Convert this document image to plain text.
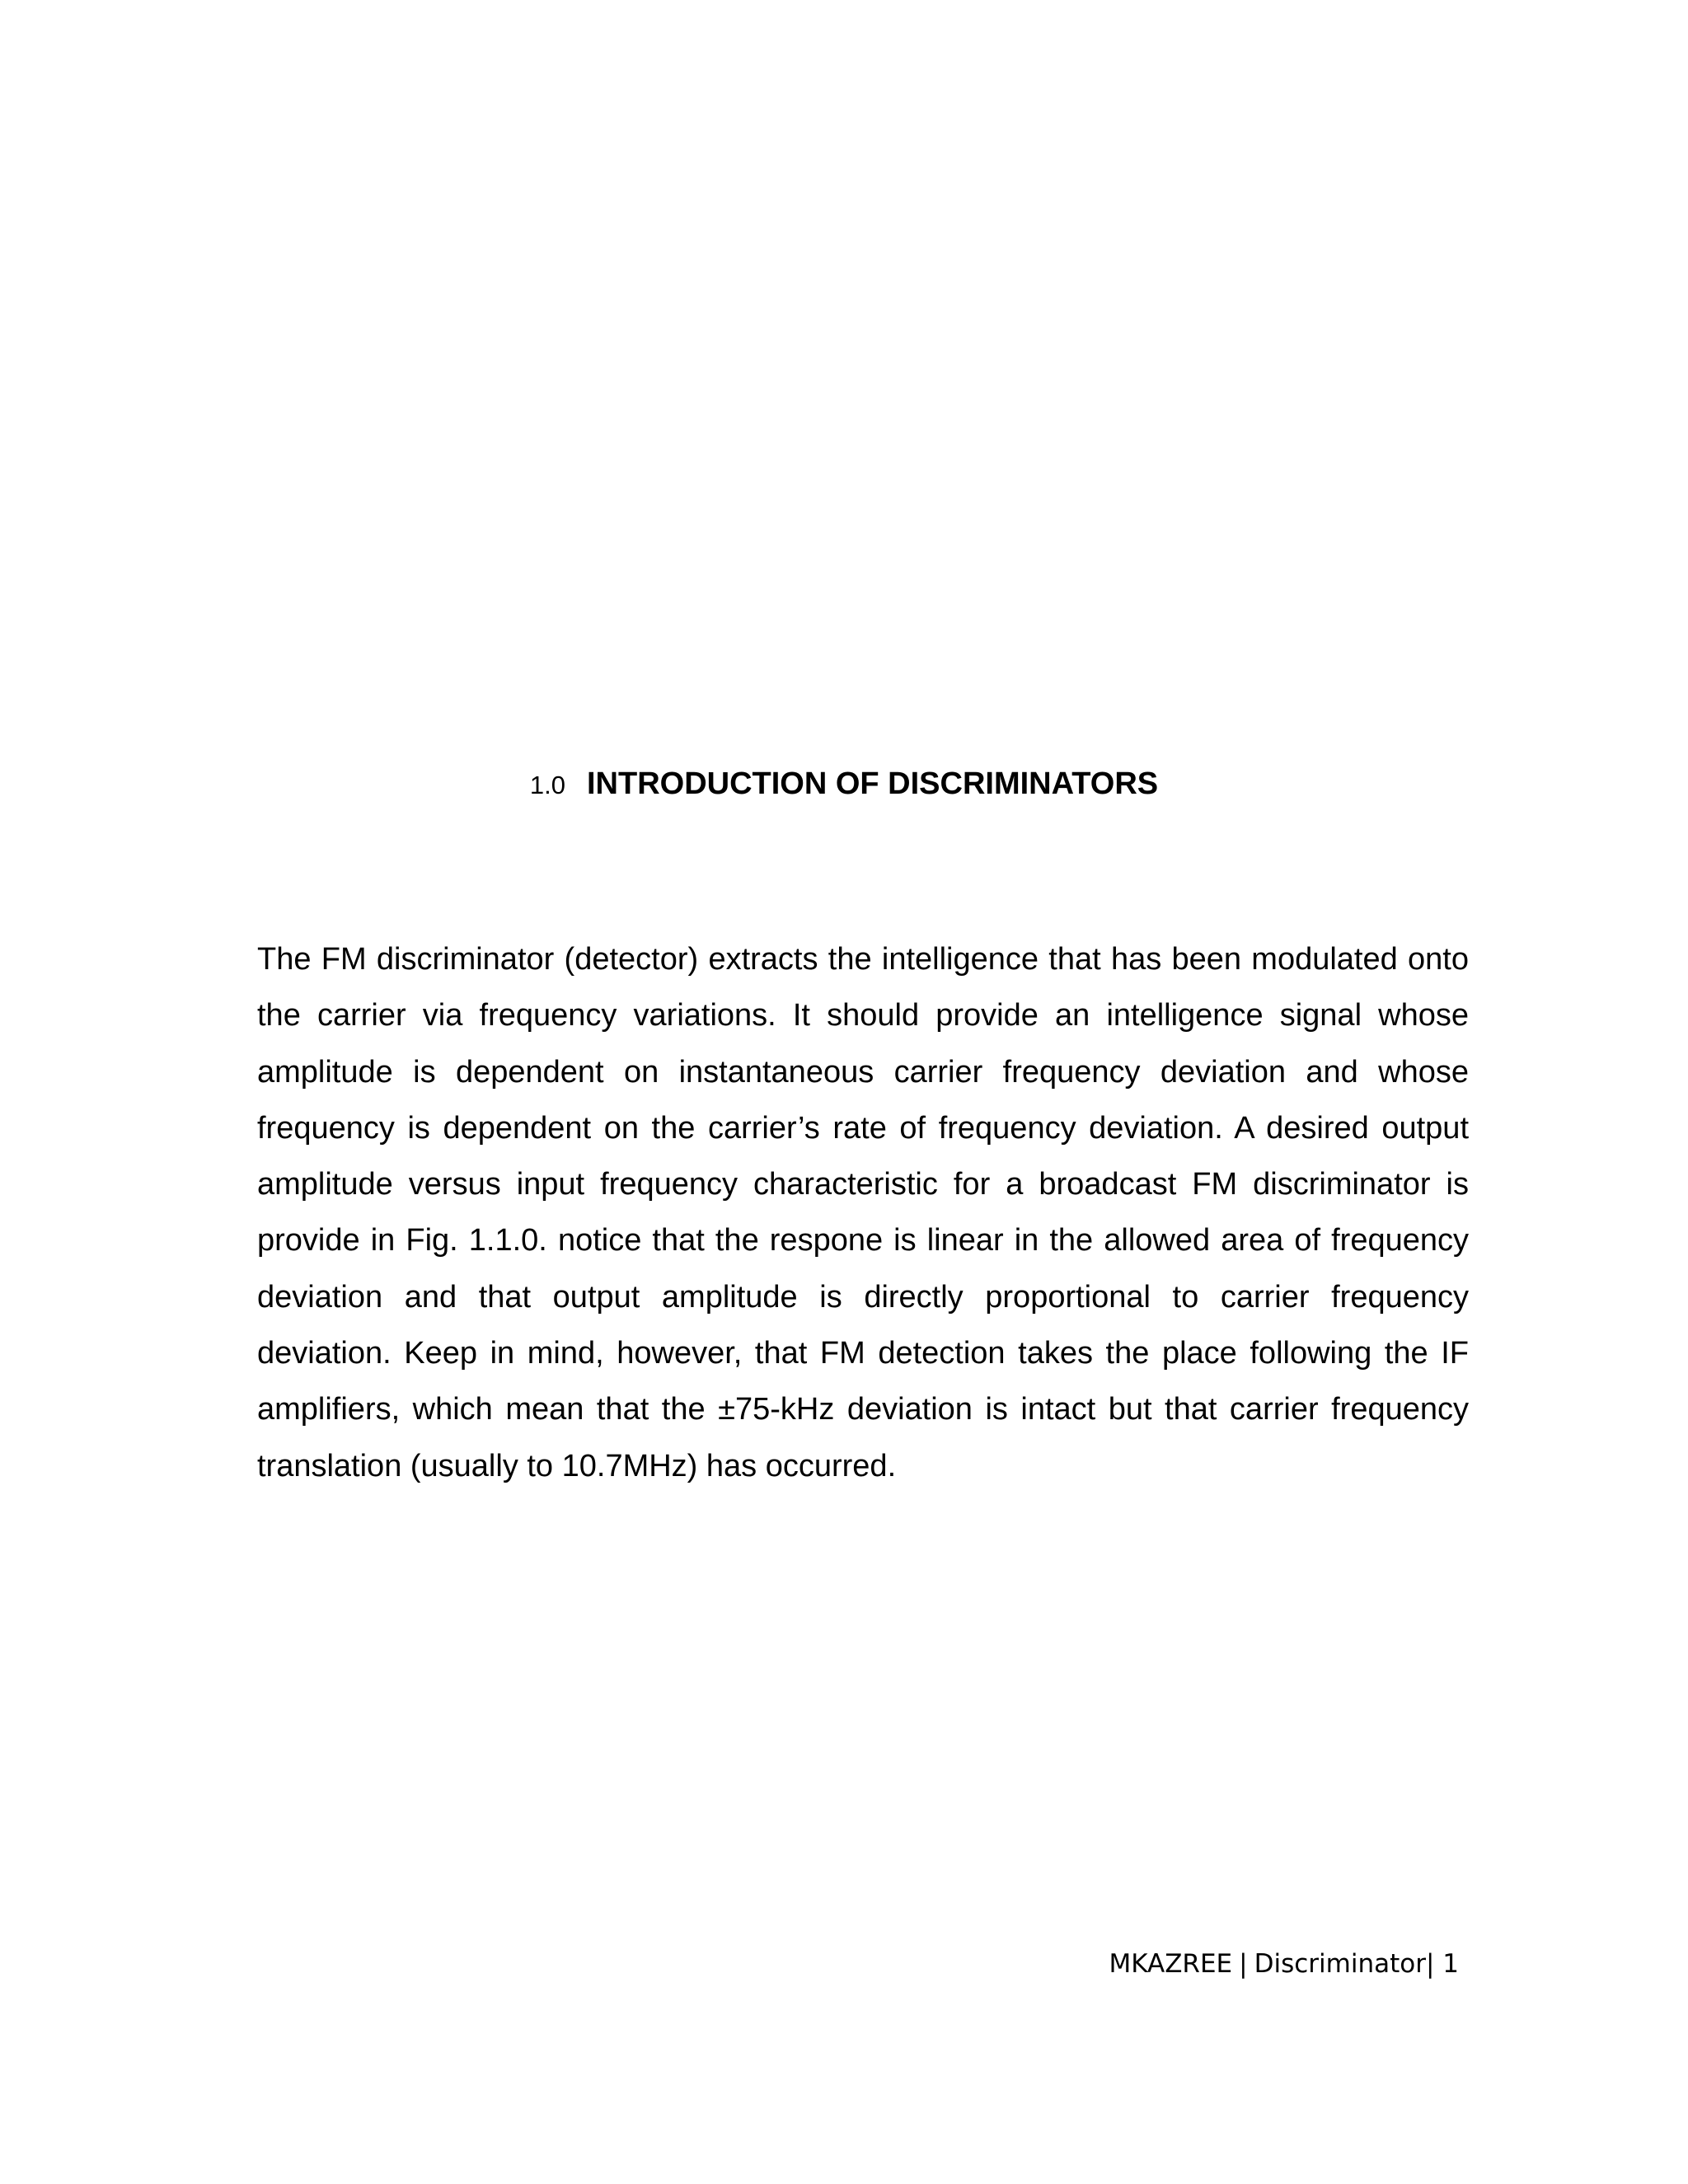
1.0 INTRODUCTION OF DISCRIMINATORS

The FM discriminator (detector) extracts the intelligence that has been modulated onto the carrier via frequency variations. It should provide an intelligence signal whose amplitude is dependent on instantaneous carrier frequency deviation and whose frequency is dependent on the carrier’s rate of frequency deviation. A desired output amplitude versus input frequency characteristic for a broadcast FM discriminator is provide in Fig. 1.1.0. notice that the respone is linear in the allowed area of frequency deviation and that output amplitude is directly proportional to carrier frequency deviation. Keep in mind, however, that FM detection takes the place following the IF amplifiers, which mean that the ±75-kHz deviation is intact but that carrier frequency translation (usually to 10.7MHz) has occurred.

MKAZREE | Discriminator| 1
